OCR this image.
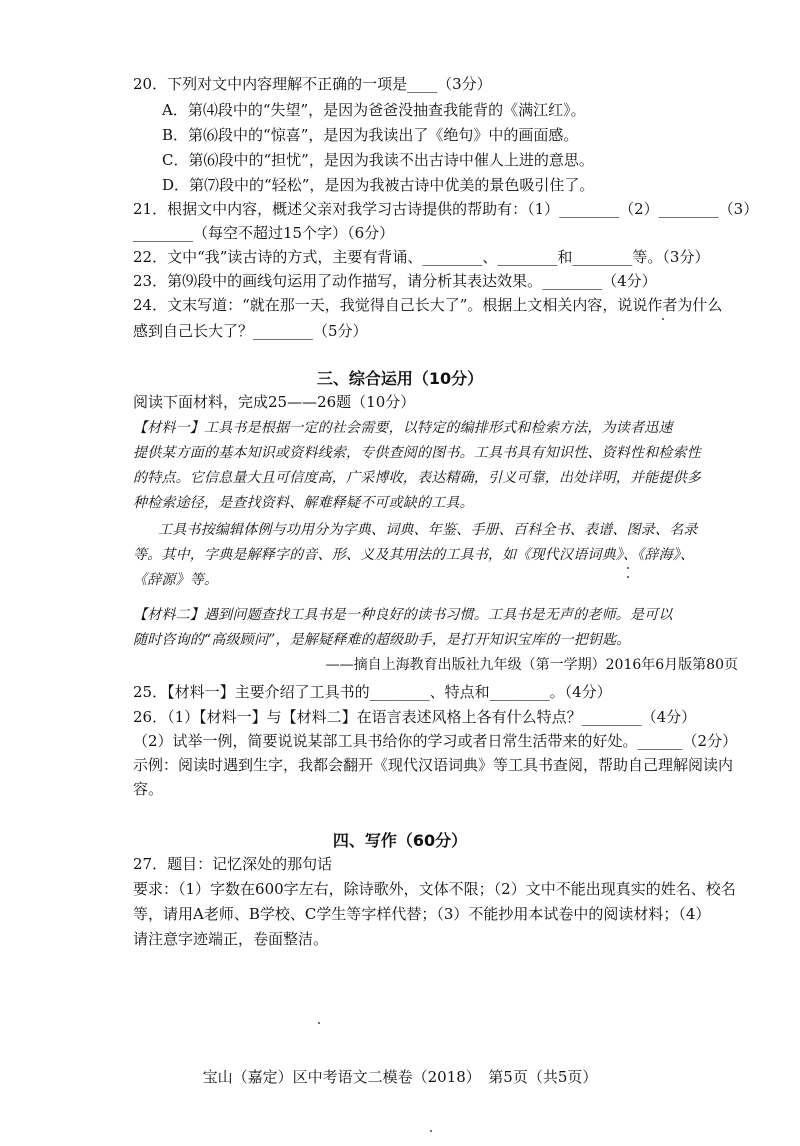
20．下列对文中内容理解不正确的一项是____（3分）
A．第⑷段中的“失望”，是因为爸爸没抽查我能背的《满江红》。
B．第⑹段中的“惊喜”，是因为我读出了《绝句》中的画面感。
C．第⑹段中的“担忧”，是因为我读不出古诗中催人上进的意思。
D．第⑺段中的“轻松”，是因为我被古诗中优美的景色吸引住了。
21．根据文中内容，概述父亲对我学习古诗提供的帮助有：（1）________（2）________（3）
________（每空不超过15个字）（6分）
22．文中“我”读古诗的方式，主要有背诵、________、________和________等。（3分）
23．第⑼段中的画线句运用了动作描写，请分析其表达效果。________（4分）
24．文末写道：“就在那一天，我觉得自己长大了”。根据上文相关内容，说说作者为什么
感到自己长大了？________（5分）
三、综合运用（10分）
阅读下面材料，完成25——26题（10分）
【材料一】工具书是根据一定的社会需要，以特定的编排形式和检索方法，为读者迅速
提供某方面的基本知识或资料线索，专供查阅的图书。工具书具有知识性、资料性和检索性
的特点。它信息量大且可信度高，广采博收，表达精确，引义可靠，出处详明，并能提供多
种检索途径，是查找资料、解难释疑不可或缺的工具。
工具书按编辑体例与功用分为字典、词典、年鉴、手册、百科全书、表谱、图录、名录
等。其中，字典是解释字的音、形、义及其用法的工具书，如《现代汉语词典》、《辞海》、
《辞源》等。
【材料二】遇到问题查找工具书是一种良好的读书习惯。工具书是无声的老师。是可以
随时咨询的“高级顾问”，是解疑释难的超级助手，是打开知识宝库的一把钥匙。
——摘自上海教育出版社九年级（第一学期）2016年6月版第80页
25．【材料一】主要介绍了工具书的________、特点和________。（4分）
26．（1）【材料一】与【材料二】在语言表述风格上各有什么特点？________（4分）
（2）试举一例，简要说说某部工具书给你的学习或者日常生活带来的好处。______（2分）
示例：阅读时遇到生字，我都会翻开《现代汉语词典》等工具书查阅，帮助自己理解阅读内
容。
四、写作（60分）
27．题目：记忆深处的那句话
要求：（1）字数在600字左右，除诗歌外，文体不限；（2）文中不能出现真实的姓名、校名
等，请用A老师、B学校、C学生等字样代替；（3）不能抄用本试卷中的阅读材料；（4）
请注意字迹端正，卷面整洁。
宝山（嘉定）区中考语文二模卷（2018）　第5页（共5页）
